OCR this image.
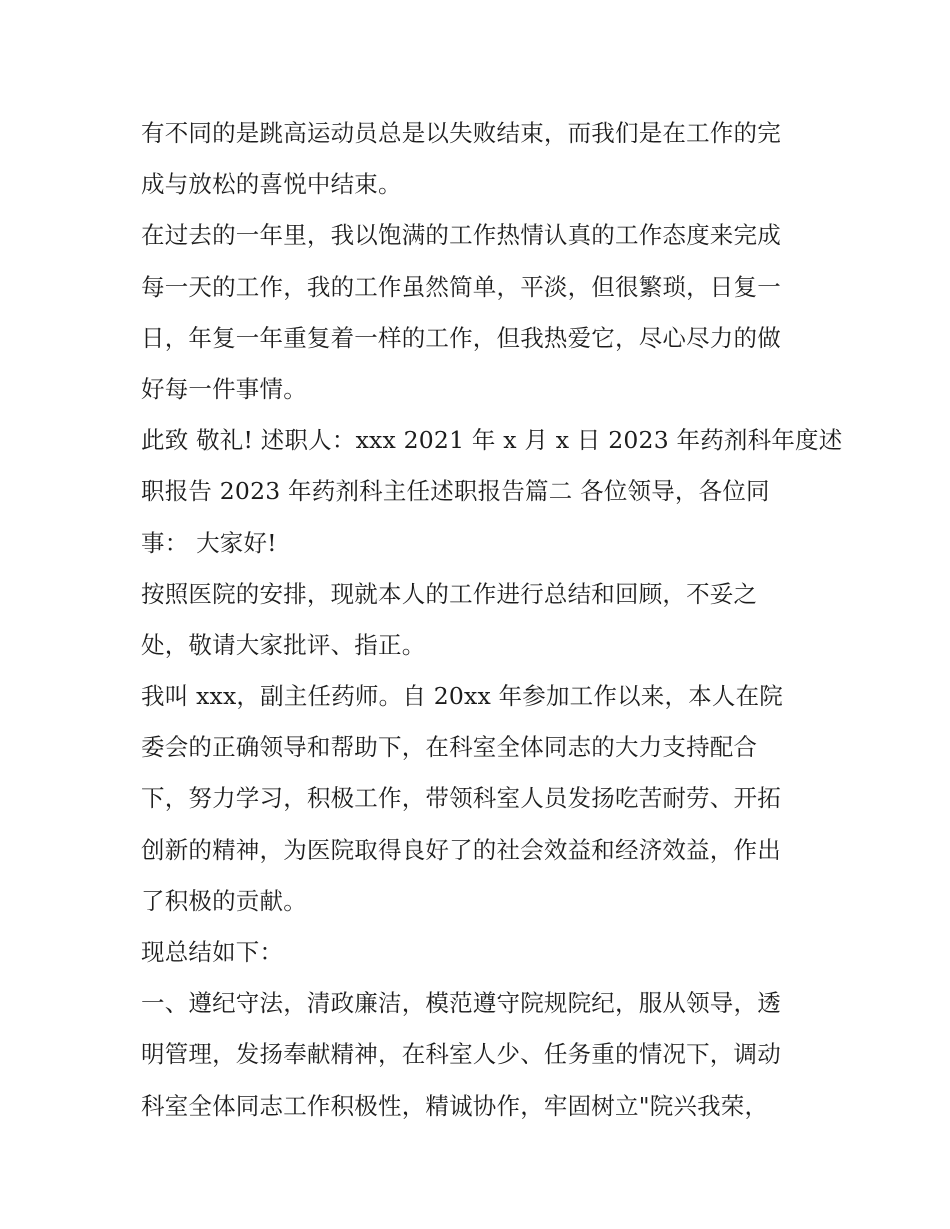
有不同的是跳高运动员总是以失败结束，而我们是在工作的完
成与放松的喜悦中结束。
在过去的一年里，我以饱满的工作热情认真的工作态度来完成
每一天的工作，我的工作虽然简单，平淡，但很繁琐，日复一
日，年复一年重复着一样的工作，但我热爱它，尽心尽力的做
好每一件事情。
此致 敬礼! 述职人：xxx 2021 年 x 月 x 日 2023 年药剂科年度述
职报告 2023 年药剂科主任述职报告篇二 各位领导，各位同
事： 大家好!
按照医院的安排，现就本人的工作进行总结和回顾，不妥之
处，敬请大家批评、指正。
我叫 xxx，副主任药师。自 20xx 年参加工作以来，本人在院
委会的正确领导和帮助下，在科室全体同志的大力支持配合
下，努力学习，积极工作，带领科室人员发扬吃苦耐劳、开拓
创新的精神，为医院取得良好了的社会效益和经济效益，作出
了积极的贡献。
现总结如下：
一、遵纪守法，清政廉洁，模范遵守院规院纪，服从领导，透
明管理，发扬奉献精神，在科室人少、任务重的情况下，调动
科室全体同志工作积极性，精诚协作，牢固树立"院兴我荣，
